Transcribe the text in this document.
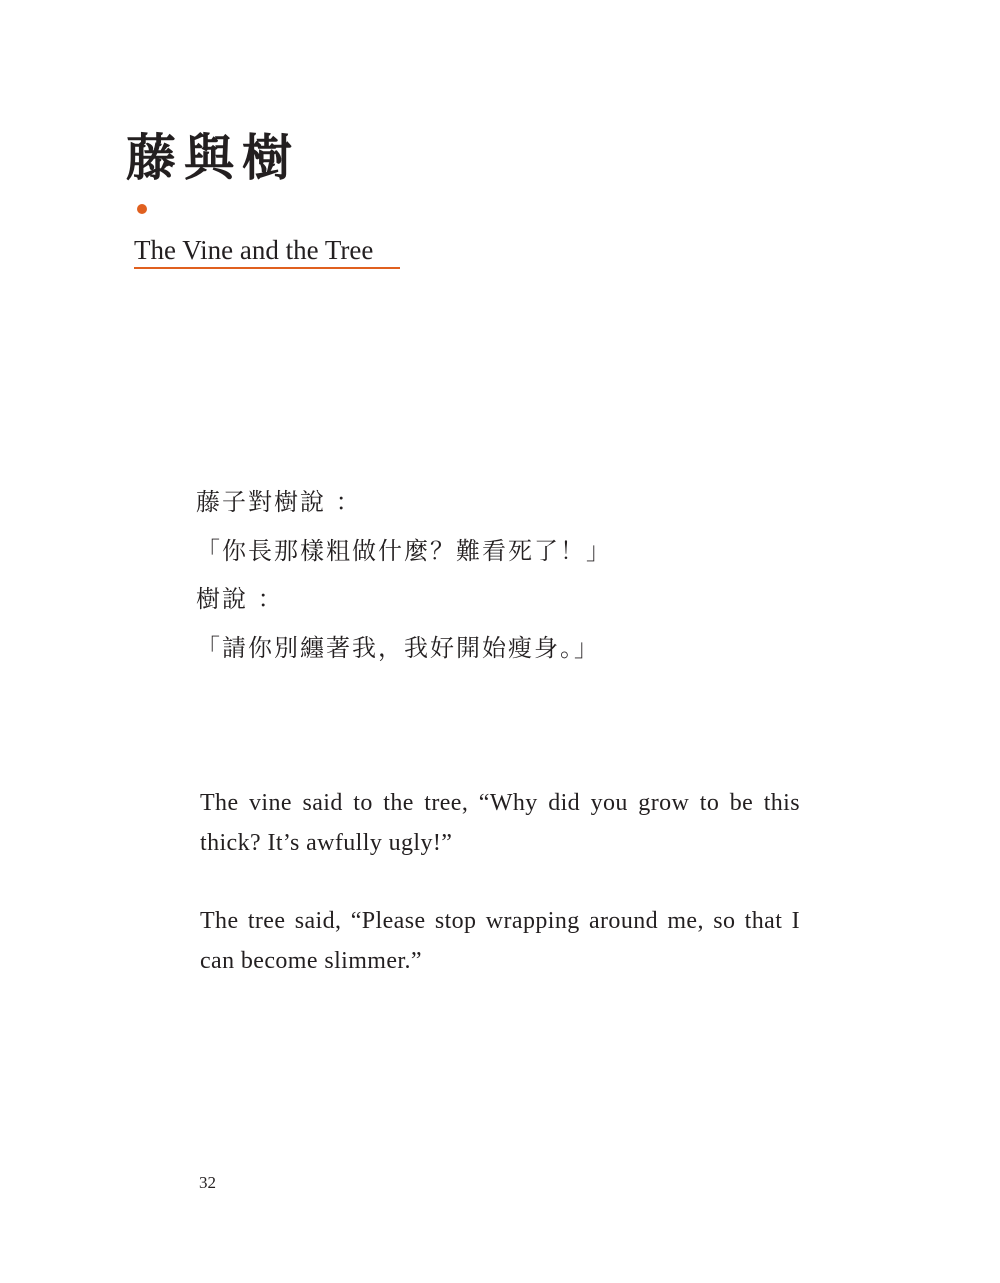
藤與樹
The Vine and the Tree
藤子對樹說 ：
「你長那樣粗做什麼？難看死了！」
樹說 ：
「請你別纏著我，我好開始瘦身。」

The vine said to the tree, “Why did you grow to be this thick? It’s awfully ugly!”

The tree said, “Please stop wrapping around me, so that I can become slimmer.”

32
